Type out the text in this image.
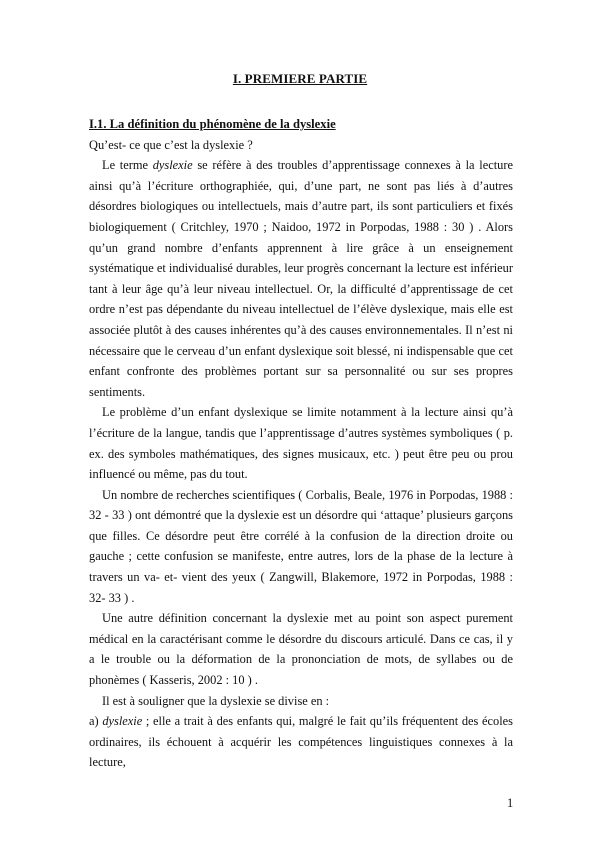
I. PREMIERE PARTIE
I.1. La définition du phénomène de la dyslexie
Qu’est- ce que c’est la dyslexie ?

Le terme dyslexie se réfère à des troubles d’apprentissage connexes à la lecture ainsi qu’à l’écriture orthographiée, qui, d’une part, ne sont pas liés à d’autres désordres biologiques ou intellectuels, mais d’autre part, ils sont particuliers et fixés biologiquement ( Critchley, 1970 ; Naidoo, 1972 in Porpodas, 1988 : 30 ) . Alors qu’un grand nombre d’enfants apprennent à lire grâce à un enseignement systématique et individualisé durables, leur progrès concernant la lecture est inférieur tant à leur âge qu’à leur niveau intellectuel. Or, la difficulté d’apprentissage de cet ordre n’est pas dépendante du niveau intellectuel de l’élève dyslexique, mais elle est associée plutôt à des causes inhérentes qu’à des causes environnementales. Il n’est ni nécessaire que le cerveau d’un enfant dyslexique soit blessé, ni indispensable que cet enfant confronte des problèmes portant sur sa personnalité ou sur ses propres sentiments.

Le problème d’un enfant dyslexique se limite notamment à la lecture ainsi qu’à l’écriture de la langue, tandis que l’apprentissage d’autres systèmes symboliques ( p. ex. des symboles mathématiques, des signes musicaux, etc. ) peut être peu ou prou influencé ou même, pas du tout.

Un nombre de recherches scientifiques ( Corbalis, Beale, 1976 in Porpodas, 1988 : 32 - 33 ) ont démontré que la dyslexie est un désordre qui ‘attaque’ plusieurs garçons que filles. Ce désordre peut être corrélé à la confusion de la direction droite ou gauche ; cette confusion se manifeste, entre autres, lors de la phase de la lecture à travers un va- et- vient des yeux ( Zangwill, Blakemore, 1972 in Porpodas, 1988 : 32- 33 ) .

Une autre définition concernant la dyslexie met au point son aspect purement médical en la caractérisant comme le désordre du discours articulé. Dans ce cas, il y a le trouble ou la déformation de la prononciation de mots, de syllabes ou de phonèmes ( Kasseris, 2002 : 10 ) .

Il est à souligner que la dyslexie se divise en :

a) dyslexie ; elle a trait à des enfants qui, malgré le fait qu’ils fréquentent des écoles ordinaires, ils échouent à acquérir les compétences linguistiques connexes à la lecture,

1
